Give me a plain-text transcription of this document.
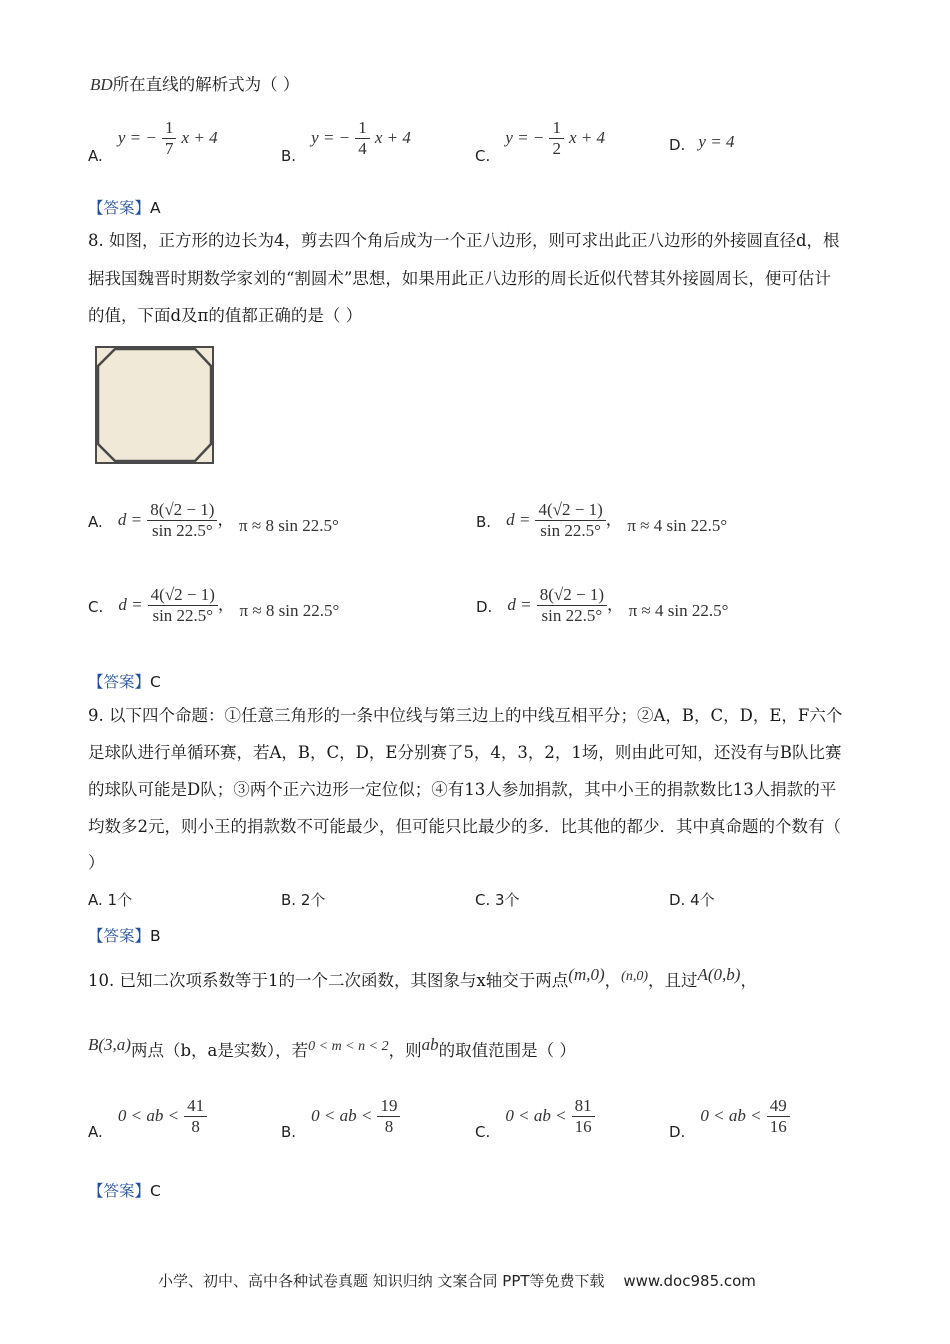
BD所在直线的解析式为（ ）
A. y = − $\frac{1}{7}$ x + 4
B. y = − $\frac{1}{4}$ x + 4
C. y = − $\frac{1}{2}$ x + 4	D. y = 4
【答案】A
8. 如图，正方形的边长为4，剪去四个角后成为一个正八边形，则可求出此正八边形的外接圆直径d，根
据我国魏晋时期数学家刘的“割圆术”思想，如果用此正八边形的周长近似代替其外接圆周长，便可估计
的值，下面d及π的值都正确的是（ ）
A. $d = \frac{8(√2 - 1)}{\sin 22.5^\circ}$ ， π ≈ 8 sin 22.5°	B. $d = \frac{4(√2 - 1)}{\sin 22.5^\circ}$ ， π ≈ 4 sin 22.5°
C. $d = \frac{4(√2 - 1)}{\sin 22.5^\circ}$ ， π ≈ 8 sin 22.5°	D. $d = \frac{8(√2 - 1)}{\sin 22.5^\circ}$ ， π ≈ 4 sin 22.5°
【答案】C
9. 以下四个命题：①任意三角形的一条中位线与第三边上的中线互相平分；②A，B，C，D，E，F六个
足球队进行单循环赛，若A，B，C，D，E分别赛了5，4，3，2，1场，则由此可知，还没有与B队比赛
的球队可能是D队；③两个正六边形一定位似；④有13人参加捐款，其中小王的捐款数比13人捐款的平
均数多2元，则小王的捐款数不可能最少，但可能只比最少的多．比其他的都少．其中真命题的个数有（
）
A. 1个	B. 2个	C. 3个	D. 4个
【答案】B
10. 已知二次项系数等于1的一个二次函数，其图象与x轴交于两点(m,0)，$^{(n,0)}$，且过A(0,b)，
B(3,a)两点（b，a是实数），若$^{0 < m < n < 2}$，则ab的取值范围是（ ）
A. 0 < ab < $\frac{41}{8}$	B. 0 < ab < $\frac{19}{8}$	C. 0 < ab < $\frac{81}{16}$	D. 0 < ab < $\frac{49}{16}$
【答案】C
小学、初中、高中各种试卷真题 知识归纳 文案合同 PPT等免费下载 www.doc985.com
